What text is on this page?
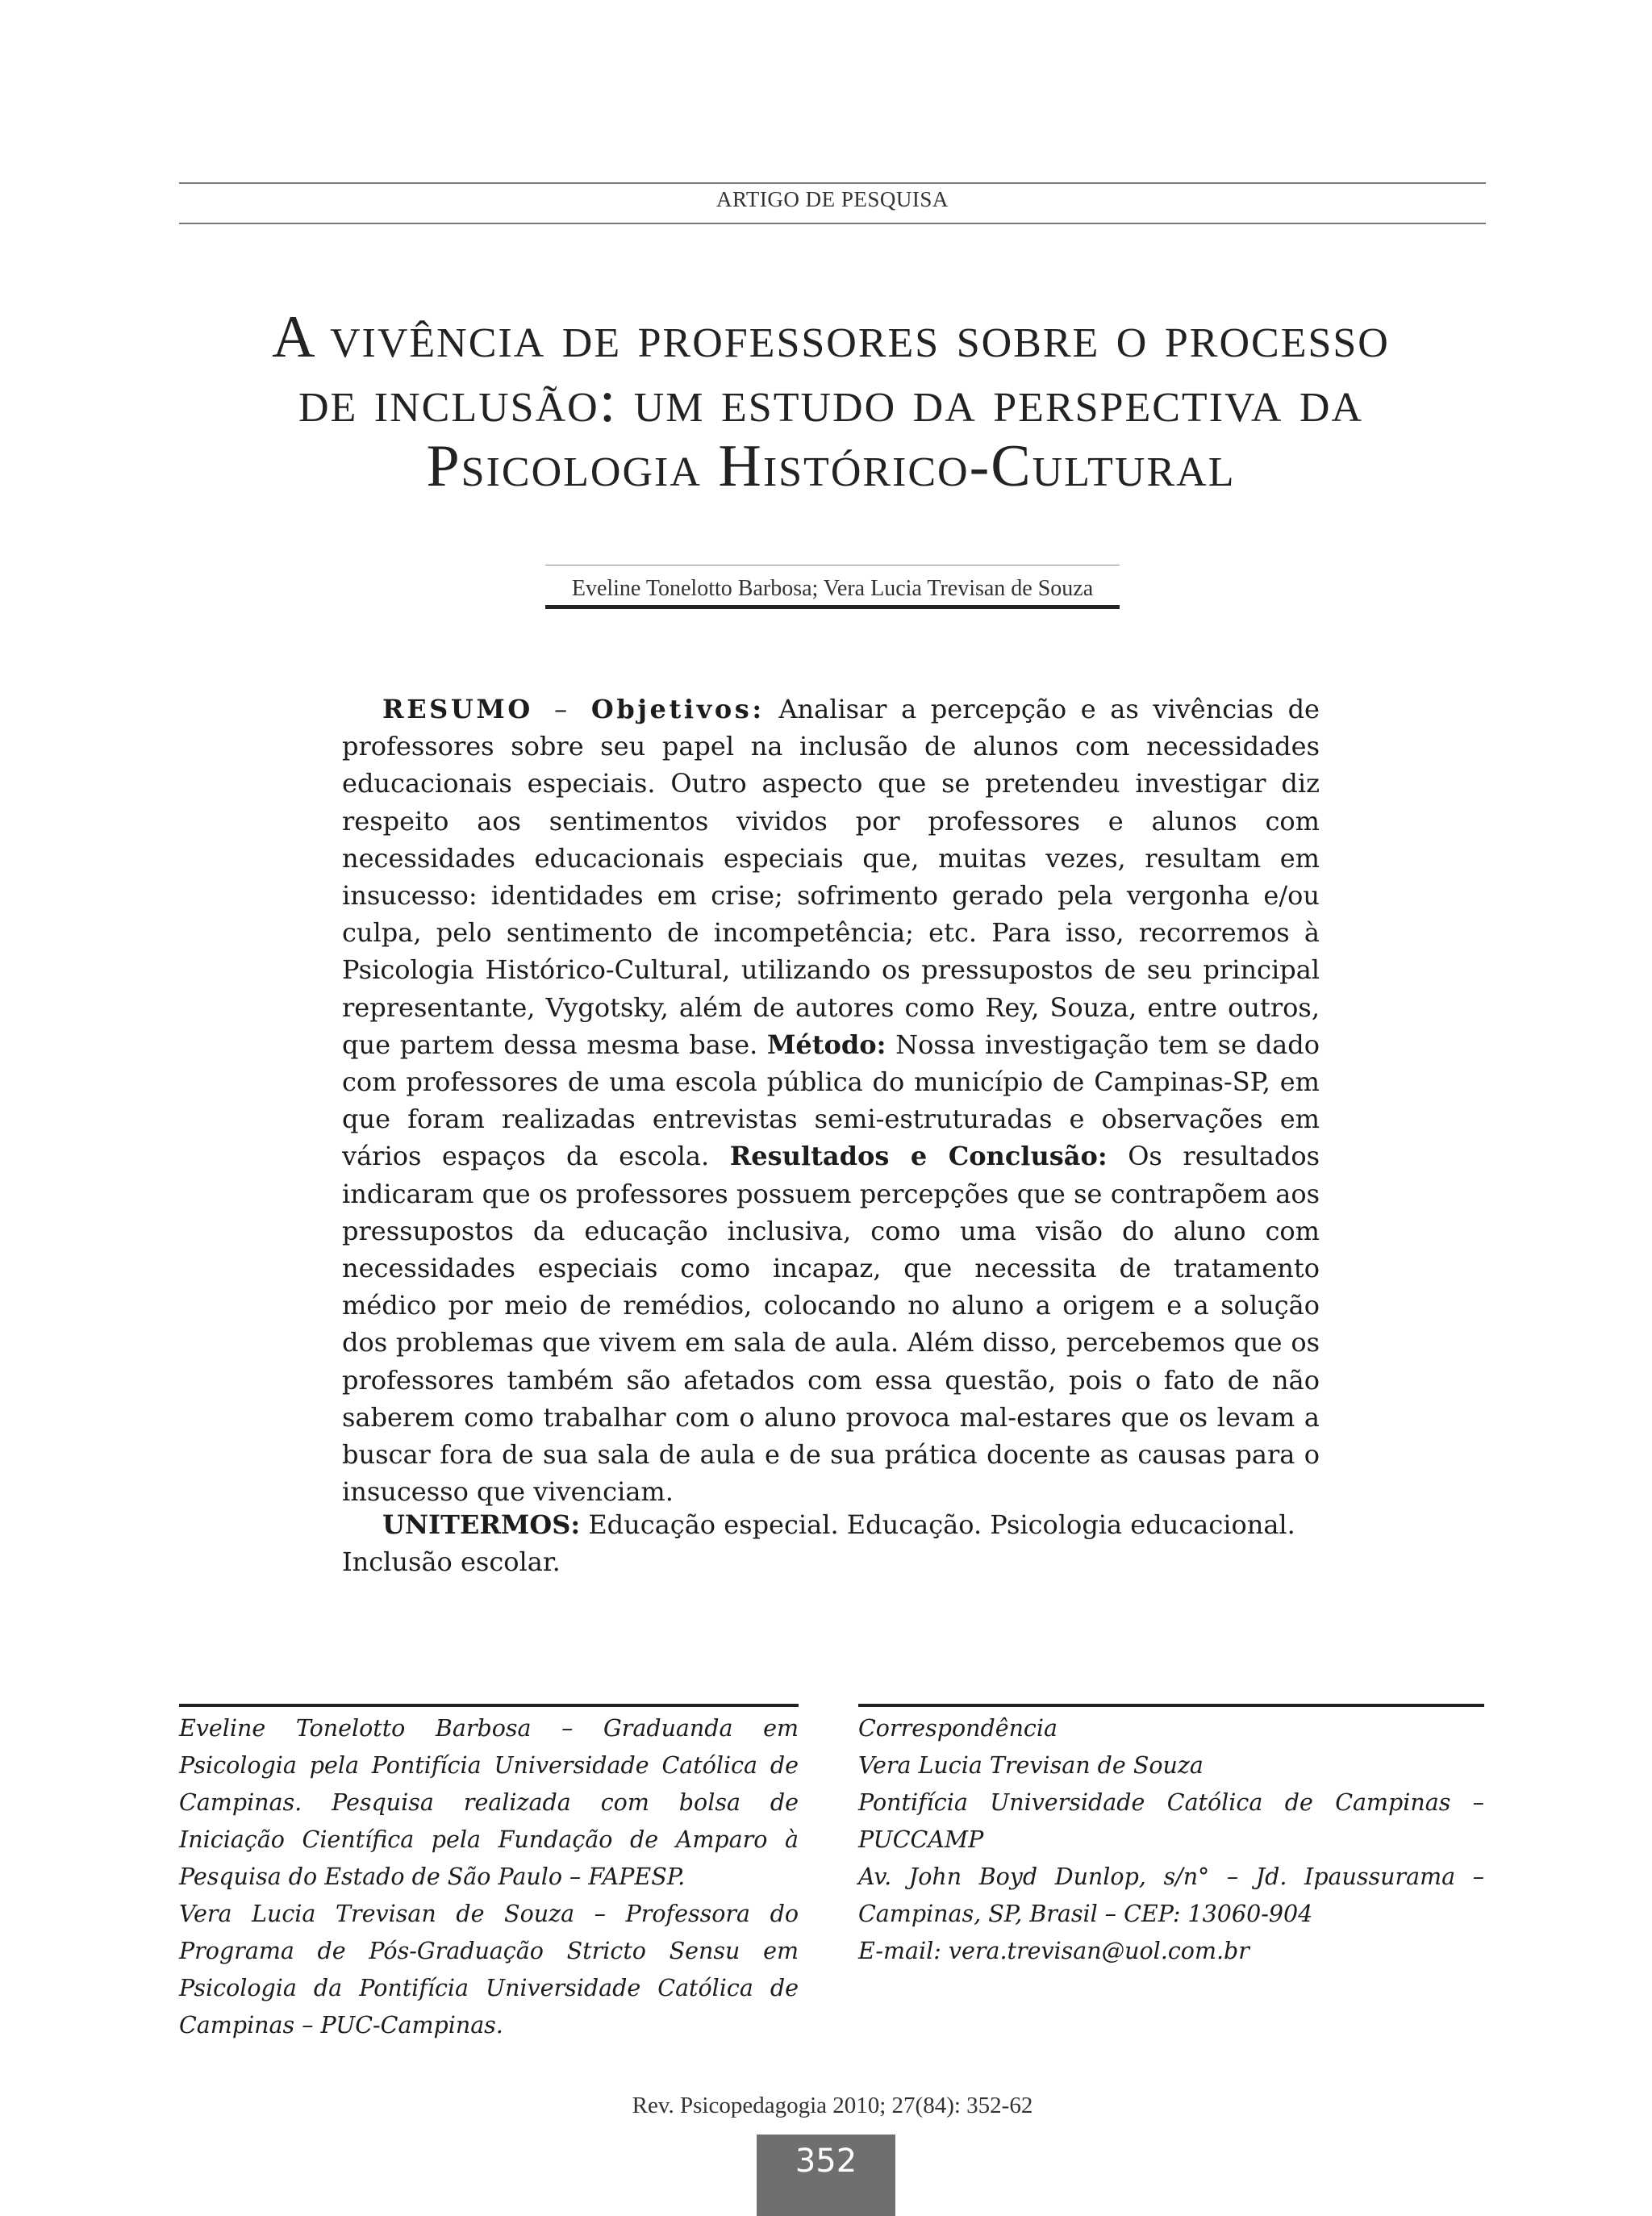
ARTIGO DE PESQUISA
A vivência de professores sobre o processo
de inclusão: um estudo da perspectiva da
Psicologia Histórico-Cultural
Eveline Tonelotto Barbosa; Vera Lucia Trevisan de Souza
RESUMO – Objetivos: Analisar a percepção e as vivências de professores sobre seu papel na inclusão de alunos com necessidades educacionais especiais. Outro aspecto que se pretendeu investigar diz respeito aos sentimentos vividos por professores e alunos com necessidades educacionais especiais que, muitas vezes, resultam em insucesso: identidades em crise; sofrimento gerado pela vergonha e/ou culpa, pelo sentimento de incompetência; etc. Para isso, recorremos à Psicologia Histórico-Cultural, utilizando os pressupostos de seu principal representante, Vygotsky, além de autores como Rey, Souza, entre outros, que partem dessa mesma base. Método: Nossa investigação tem se dado com professores de uma escola pública do município de Campinas-SP, em que foram realizadas entrevistas semi-estruturadas e observações em vários espaços da escola. Resultados e Conclusão: Os resultados indicaram que os professores possuem percepções que se contrapõem aos pressupostos da educação inclusiva, como uma visão do aluno com necessidades especiais como incapaz, que necessita de tratamento médico por meio de remédios, colocando no aluno a origem e a solução dos problemas que vivem em sala de aula. Além disso, percebemos que os professores também são afetados com essa questão, pois o fato de não saberem como trabalhar com o aluno provoca mal-estares que os levam a buscar fora de sua sala de aula e de sua prática docente as causas para o insucesso que vivenciam.
UNITERMOS: Educação especial. Educação. Psicologia educacional. Inclusão escolar.

Eveline Tonelotto Barbosa – Graduanda em Psicologia pela Pontifícia Universidade Católica de Campinas. Pesquisa realizada com bolsa de Iniciação Científica pela Fundação de Amparo à Pesquisa do Estado de São Paulo – FAPESP.

Vera Lucia Trevisan de Souza – Professora do Programa de Pós-Graduação Stricto Sensu em Psicologia da Pontifícia Universidade Católica de Campinas – PUC-Campinas.

Correspondência

Vera Lucia Trevisan de Souza

Pontifícia Universidade Católica de Campinas – PUCCAMP

Av. John Boyd Dunlop, s/n° – Jd. Ipaussurama – Campinas, SP, Brasil – CEP: 13060-904

E-mail: vera.trevisan@uol.com.br

Rev. Psicopedagogia 2010; 27(84): 352-62
352
